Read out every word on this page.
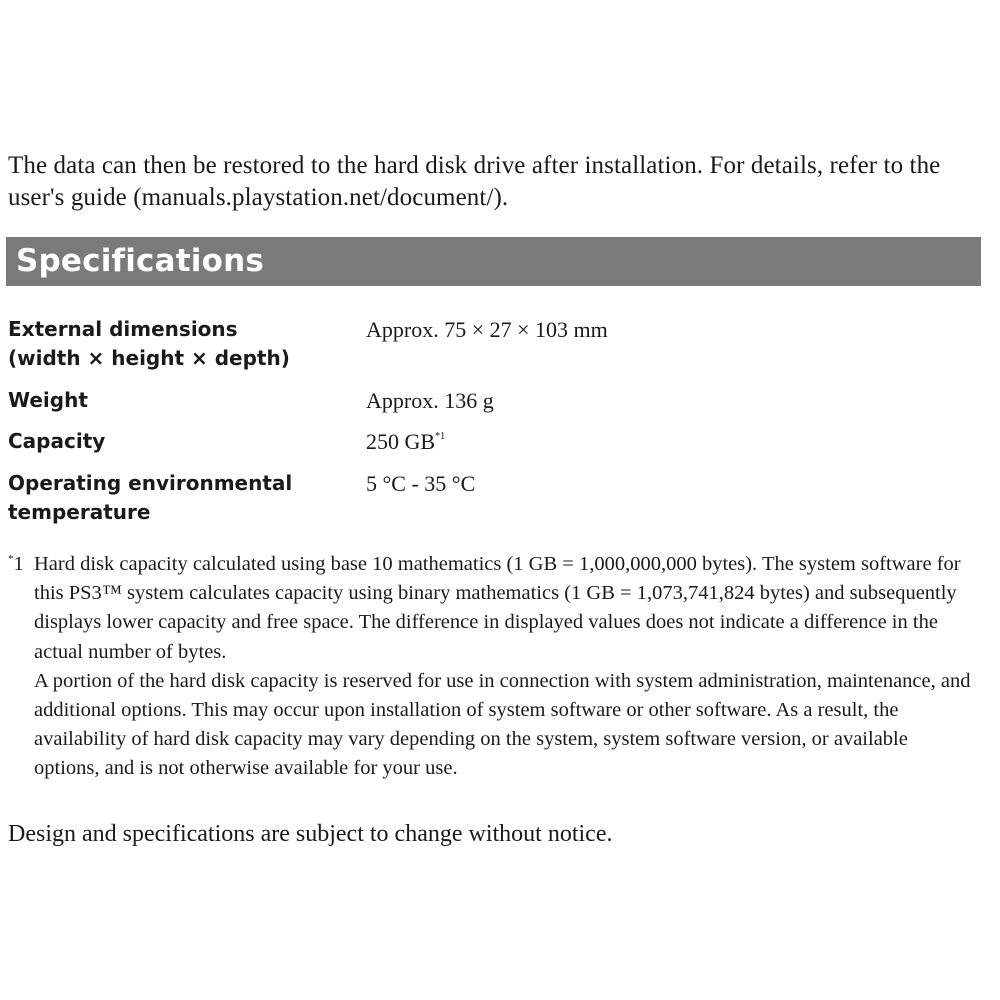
The data can then be restored to the hard disk drive after installation. For details, refer to the user's guide (manuals.playstation.net/document/).

Specifications
External dimensions
(width × height × depth)
Approx. 75 × 27 × 103 mm
Weight	Approx. 136 g
Capacity	250 GB$^{*1}$
Operating environmental
temperature
5 °C - 35 °C
*1 Hard disk capacity calculated using base 10 mathematics (1 GB = 1,000,000,000 bytes). The system software for this PS3™ system calculates capacity using binary mathematics (1 GB = 1,073,741,824 bytes) and subsequently displays lower capacity and free space. The difference in displayed values does not indicate a difference in the actual number of bytes.

A portion of the hard disk capacity is reserved for use in connection with system administration, maintenance, and additional options. This may occur upon installation of system software or other software. As a result, the availability of hard disk capacity may vary depending on the system, system software version, or available options, and is not otherwise available for your use.

Design and specifications are subject to change without notice.
